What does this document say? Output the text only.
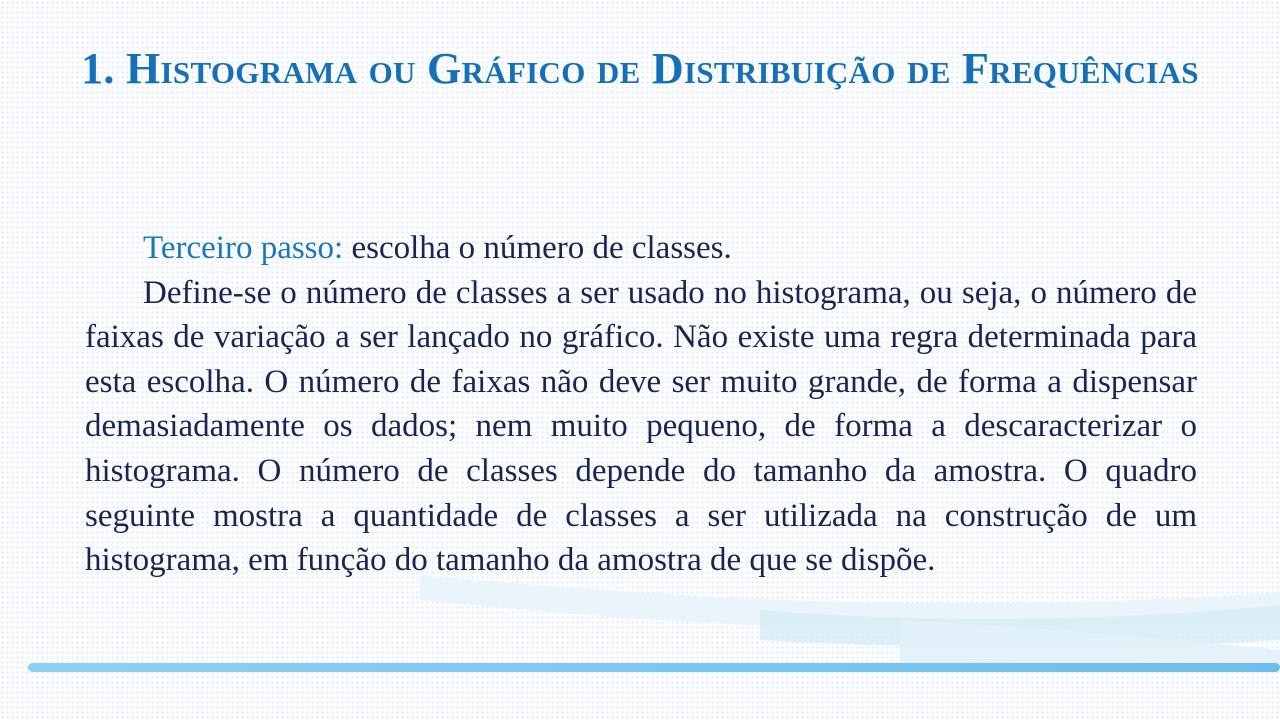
1. Histograma ou Gráfico de Distribuição de Frequências

Terceiro passo: escolha o número de classes.

Define-se o número de classes a ser usado no histograma, ou seja, o número de faixas de variação a ser lançado no gráfico. Não existe uma regra determinada para esta escolha. O número de faixas não deve ser muito grande, de forma a dispensar demasiadamente os dados; nem muito pequeno, de forma a descaracterizar o histograma. O número de classes depende do tamanho da amostra. O quadro seguinte mostra a quantidade de classes a ser utilizada na construção de um histograma, em função do tamanho da amostra de que se dispõe.
